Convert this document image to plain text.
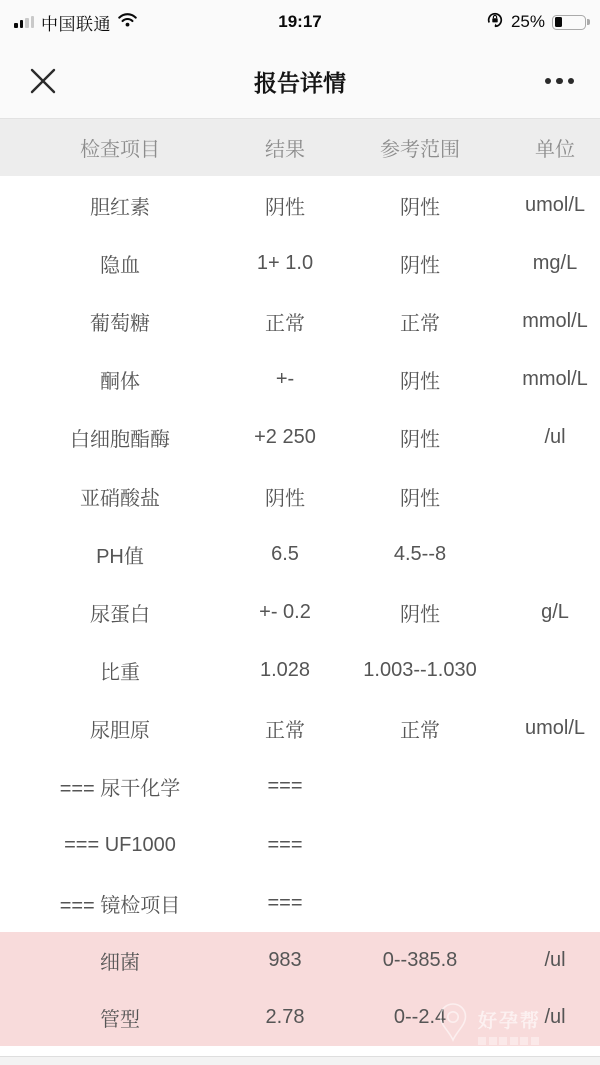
中国联通	19:17	25%
报告详情
检查项目	结果	参考范围	单位
胆红素	阴性	阴性	umol/L
隐血	1+ 1.0	阴性	mg/L
葡萄糖	正常	正常	mmol/L
酮体	+-	阴性	mmol/L
白细胞酯酶	+2 250	阴性	/ul
亚硝酸盐	阴性	阴性
PH值	6.5	4.5--8
尿蛋白	+- 0.2	阴性	g/L
比重	1.028	1.003--1.030
尿胆原	正常	正常	umol/L
=== 尿干化学	===
=== UF1000	===
=== 镜检项目	===
细菌	983	0--385.8	/ul
管型	2.78	0--2.4	/ul
好孕帮
